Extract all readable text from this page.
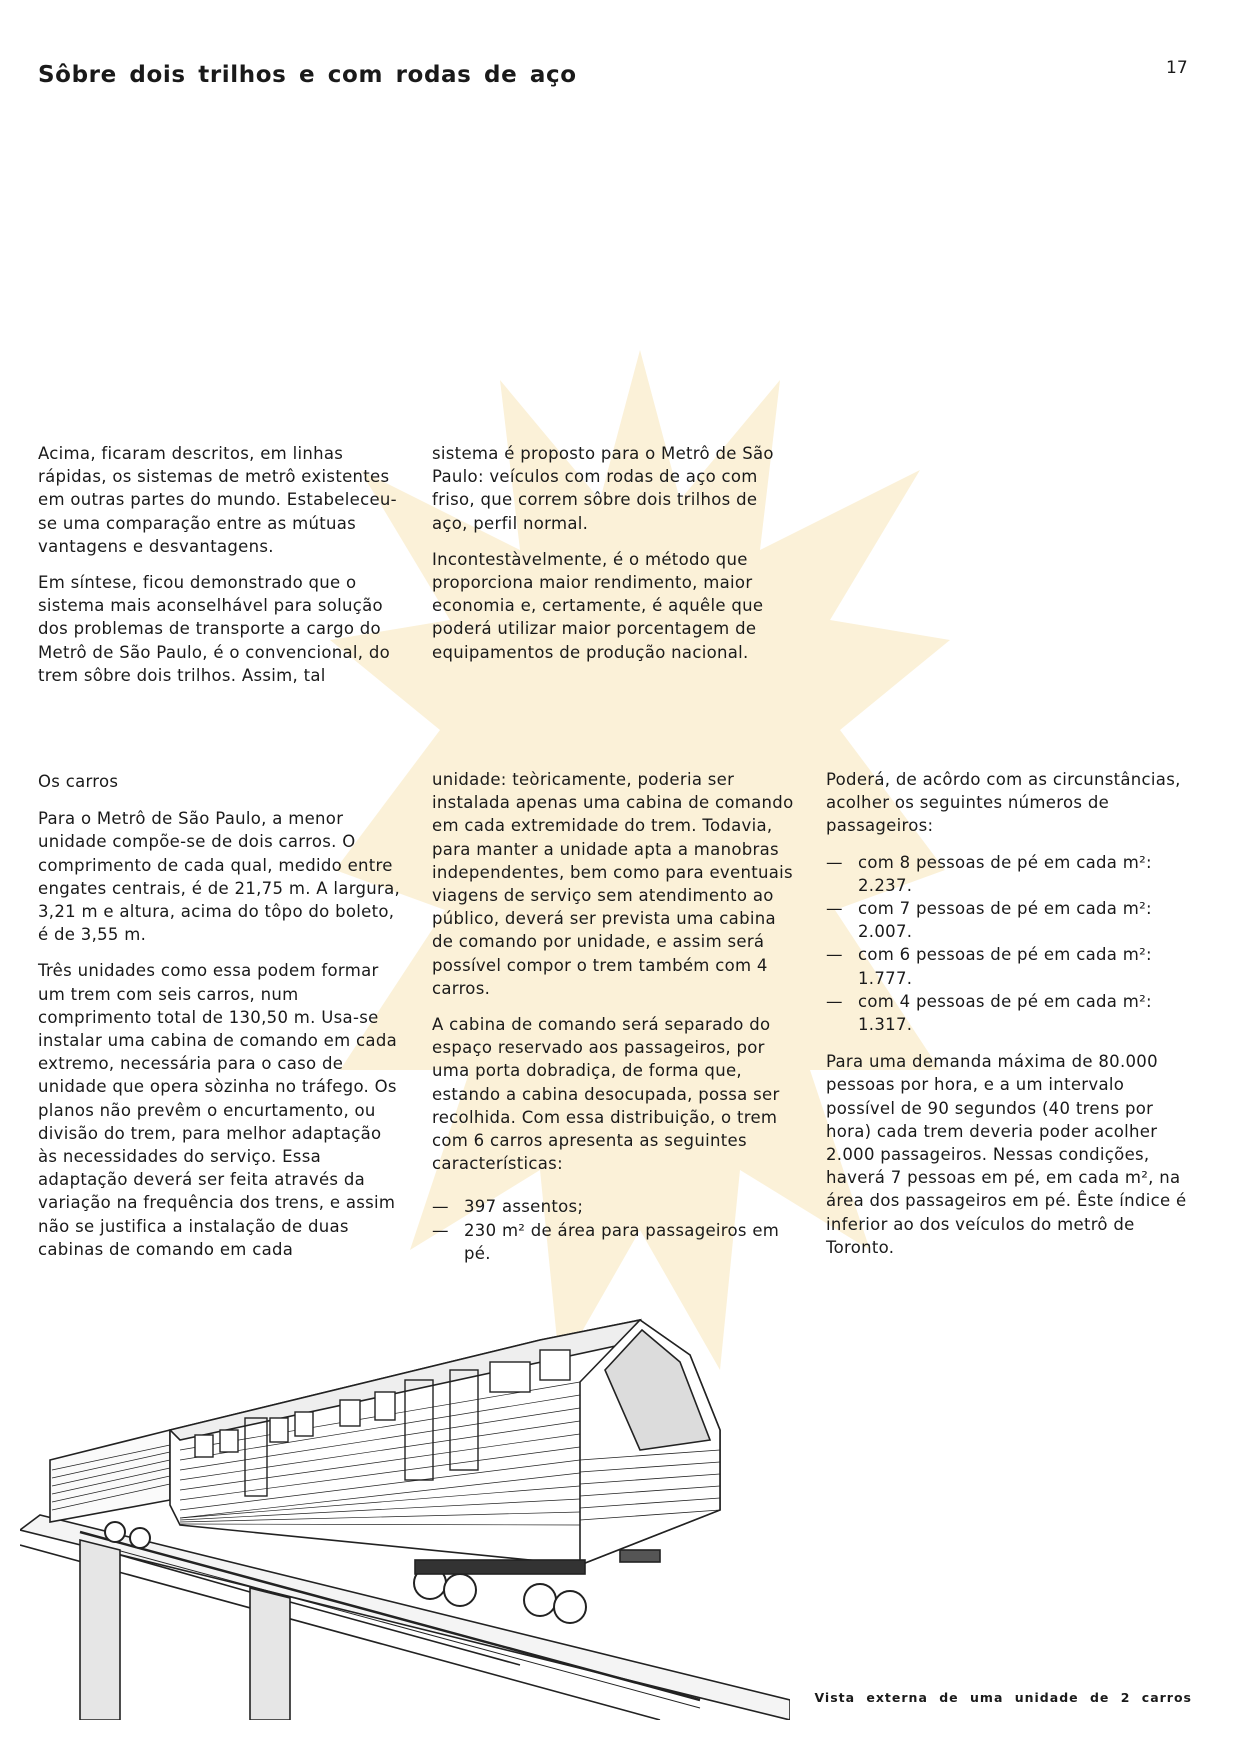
Sôbre dois trilhos e com rodas de aço	17

Acima, ficaram descritos, em linhas rápidas, os sistemas de metrô existentes em outras partes do mundo. Estabeleceu-se uma comparação entre as mútuas vantagens e desvantagens.

Em síntese, ficou demonstrado que o sistema mais aconselhável para solução dos problemas de transporte a cargo do Metrô de São Paulo, é o convencional, do trem sôbre dois trilhos. Assim, tal

sistema é proposto para o Metrô de São Paulo: veículos com rodas de aço com friso, que correm sôbre dois trilhos de aço, perfil normal.

Incontestàvelmente, é o método que proporciona maior rendimento, maior economia e, certamente, é aquêle que poderá utilizar maior porcentagem de equipamentos de produção nacional.

Os carros

Para o Metrô de São Paulo, a menor unidade compõe-se de dois carros. O comprimento de cada qual, medido entre engates centrais, é de 21,75 m. A largura, 3,21 m e altura, acima do tôpo do boleto, é de 3,55 m.

Três unidades como essa podem formar um trem com seis carros, num comprimento total de 130,50 m. Usa-se instalar uma cabina de comando em cada extremo, necessária para o caso de unidade que opera sòzinha no tráfego. Os planos não prevêm o encurtamento, ou divisão do trem, para melhor adaptação às necessidades do serviço. Essa adaptação deverá ser feita através da variação na frequência dos trens, e assim não se justifica a instalação de duas cabinas de comando em cada

unidade: teòricamente, poderia ser instalada apenas uma cabina de comando em cada extremidade do trem. Todavia, para manter a unidade apta a manobras independentes, bem como para eventuais viagens de serviço sem atendimento ao público, deverá ser prevista uma cabina de comando por unidade, e assim será possível compor o trem também com 4 carros.

A cabina de comando será separado do espaço reservado aos passageiros, por uma porta dobradiça, de forma que, estando a cabina desocupada, possa ser recolhida. Com essa distribuição, o trem com 6 carros apresenta as seguintes características:

— 397 assentos;
— 230 m² de área para passageiros em pé.

Poderá, de acôrdo com as circunstâncias, acolher os seguintes números de passageiros:

— com 8 pessoas de pé em cada m²:
2.237.
— com 7 pessoas de pé em cada m²:
2.007.
— com 6 pessoas de pé em cada m²:
1.777.
— com 4 pessoas de pé em cada m²:
1.317.

Para uma demanda máxima de 80.000 pessoas por hora, e a um intervalo possível de 90 segundos (40 trens por hora) cada trem deveria poder acolher 2.000 passageiros. Nessas condições, haverá 7 pessoas em pé, em cada m², na área dos passageiros em pé. Êste índice é inferior ao dos veículos do metrô de Toronto.

Vista externa de uma unidade de 2 carros
